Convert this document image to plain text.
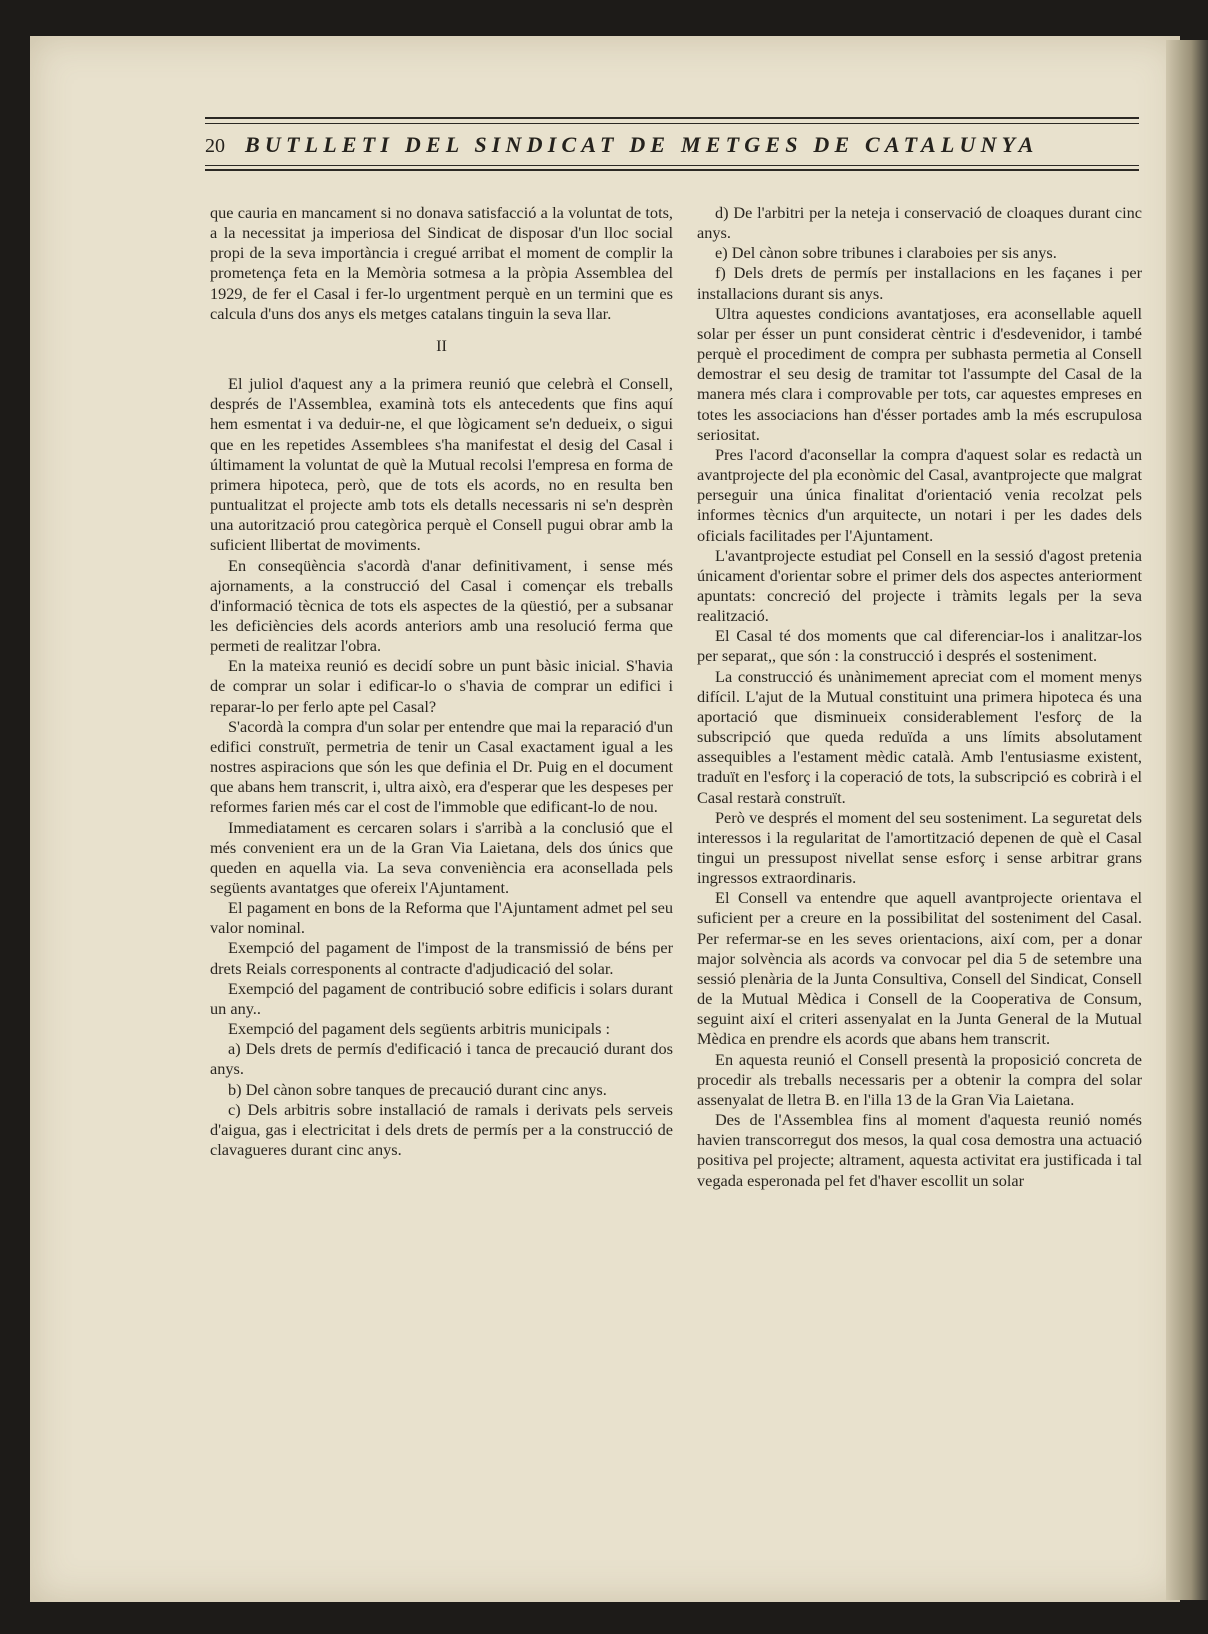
20 BUTLLETI DEL SINDICAT DE METGES DE CATALUNYA

que cauria en mancament si no donava satisfacció a la voluntat de tots, a la necessitat ja imperiosa del Sindicat de disposar d'un lloc social propi de la seva importància i cregué arribat el moment de complir la prometença feta en la Memòria sotmesa a la pròpia Assemblea del 1929, de fer el Casal i fer-lo urgentment perquè en un termini que es calcula d'uns dos anys els metges catalans tinguin la seva llar.

II

El juliol d'aquest any a la primera reunió que celebrà el Consell, després de l'Assemblea, examinà tots els antecedents que fins aquí hem esmentat i va deduir-ne, el que lògicament se'n dedueix, o sigui que en les repetides Assemblees s'ha manifestat el desig del Casal i últimament la voluntat de què la Mutual recolsi l'empresa en forma de primera hipoteca, però, que de tots els acords, no en resulta ben puntualitzat el projecte amb tots els detalls necessaris ni se'n desprèn una autorització prou categòrica perquè el Consell pugui obrar amb la suficient llibertat de moviments.

En conseqüència s'acordà d'anar definitivament, i sense més ajornaments, a la construcció del Casal i començar els treballs d'informació tècnica de tots els aspectes de la qüestió, per a subsanar les deficiències dels acords anteriors amb una resolució ferma que permeti de realitzar l'obra.

En la mateixa reunió es decidí sobre un punt bàsic inicial. S'havia de comprar un solar i edificar-lo o s'havia de comprar un edifici i reparar-lo per ferlo apte pel Casal?

S'acordà la compra d'un solar per entendre que mai la reparació d'un edifici construït, permetria de tenir un Casal exactament igual a les nostres aspiracions que són les que definia el Dr. Puig en el document que abans hem transcrit, i, ultra això, era d'esperar que les despeses per reformes farien més car el cost de l'immoble que edificant-lo de nou.

Immediatament es cercaren solars i s'arribà a la conclusió que el més convenient era un de la Gran Via Laietana, dels dos únics que queden en aquella via. La seva conveniència era aconsellada pels següents avantatges que ofereix l'Ajuntament.

El pagament en bons de la Reforma que l'Ajuntament admet pel seu valor nominal.

Exempció del pagament de l'impost de la transmissió de béns per drets Reials corresponents al contracte d'adjudicació del solar.

Exempció del pagament de contribució sobre edificis i solars durant un any..

Exempció del pagament dels següents arbitris municipals :

a) Dels drets de permís d'edificació i tanca de precaució durant dos anys.

b) Del cànon sobre tanques de precaució durant cinc anys.

c) Dels arbitris sobre installació de ramals i derivats pels serveis d'aigua, gas i electricitat i dels drets de permís per a la construcció de clavagueres durant cinc anys.

d) De l'arbitri per la neteja i conservació de cloaques durant cinc anys.

e) Del cànon sobre tribunes i claraboies per sis anys.

f) Dels drets de permís per installacions en les façanes i per installacions durant sis anys.

Ultra aquestes condicions avantatjoses, era aconsellable aquell solar per ésser un punt considerat cèntric i d'esdevenidor, i també perquè el procediment de compra per subhasta permetia al Consell demostrar el seu desig de tramitar tot l'assumpte del Casal de la manera més clara i comprovable per tots, car aquestes empreses en totes les associacions han d'ésser portades amb la més escrupulosa seriositat.

Pres l'acord d'aconsellar la compra d'aquest solar es redactà un avantprojecte del pla econòmic del Casal, avantprojecte que malgrat perseguir una única finalitat d'orientació venia recolzat pels informes tècnics d'un arquitecte, un notari i per les dades dels oficials facilitades per l'Ajuntament.

L'avantprojecte estudiat pel Consell en la sessió d'agost pretenia únicament d'orientar sobre el primer dels dos aspectes anteriorment apuntats: concreció del projecte i tràmits legals per la seva realització.

El Casal té dos moments que cal diferenciar-los i analitzar-los per separat,, que són : la construcció i després el sosteniment.

La construcció és unànimement apreciat com el moment menys difícil. L'ajut de la Mutual constituint una primera hipoteca és una aportació que disminueix considerablement l'esforç de la subscripció que queda reduïda a uns límits absolutament assequibles a l'estament mèdic català. Amb l'entusiasme existent, traduït en l'esforç i la coperació de tots, la subscripció es cobrirà i el Casal restarà construït.

Però ve després el moment del seu sosteniment. La seguretat dels interessos i la regularitat de l'amortització depenen de què el Casal tingui un pressupost nivellat sense esforç i sense arbitrar grans ingressos extraordinaris.

El Consell va entendre que aquell avantprojecte orientava el suficient per a creure en la possibilitat del sosteniment del Casal. Per refermar-se en les seves orientacions, així com, per a donar major solvència als acords va convocar pel dia 5 de setembre una sessió plenària de la Junta Consultiva, Consell del Sindicat, Consell de la Mutual Mèdica i Consell de la Cooperativa de Consum, seguint així el criteri assenyalat en la Junta General de la Mutual Mèdica en prendre els acords que abans hem transcrit.

En aquesta reunió el Consell presentà la proposició concreta de procedir als treballs necessaris per a obtenir la compra del solar assenyalat de lletra B. en l'illa 13 de la Gran Via Laietana.

Des de l'Assemblea fins al moment d'aquesta reunió només havien transcorregut dos mesos, la qual cosa demostra una actuació positiva pel projecte; altrament, aquesta activitat era justificada i tal vegada esperonada pel fet d'haver escollit un solar
